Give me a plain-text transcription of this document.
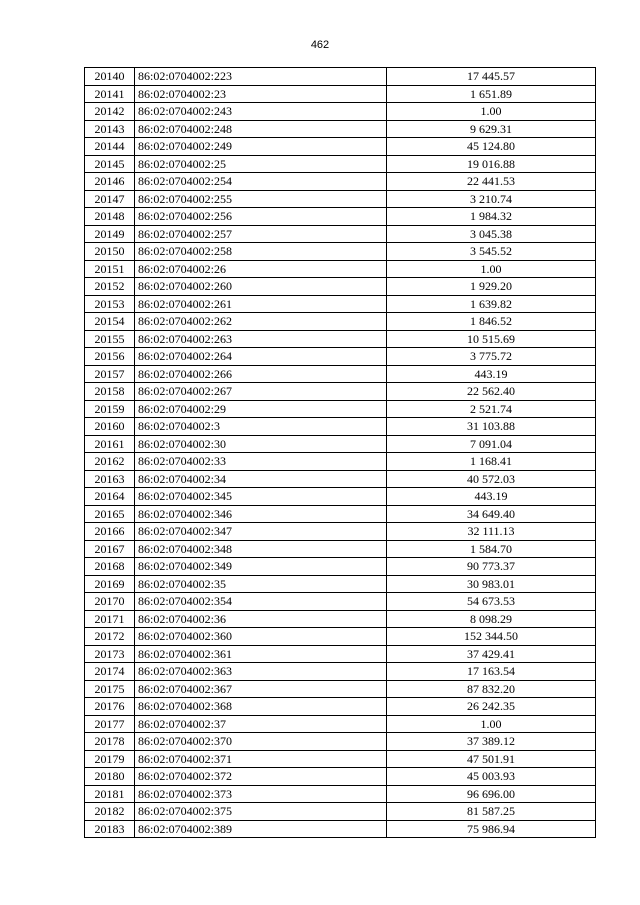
462
20140	86:02:0704002:223	17 445.57
20141	86:02:0704002:23	1 651.89
20142	86:02:0704002:243	1.00
20143	86:02:0704002:248	9 629.31
20144	86:02:0704002:249	45 124.80
20145	86:02:0704002:25	19 016.88
20146	86:02:0704002:254	22 441.53
20147	86:02:0704002:255	3 210.74
20148	86:02:0704002:256	1 984.32
20149	86:02:0704002:257	3 045.38
20150	86:02:0704002:258	3 545.52
20151	86:02:0704002:26	1.00
20152	86:02:0704002:260	1 929.20
20153	86:02:0704002:261	1 639.82
20154	86:02:0704002:262	1 846.52
20155	86:02:0704002:263	10 515.69
20156	86:02:0704002:264	3 775.72
20157	86:02:0704002:266	443.19
20158	86:02:0704002:267	22 562.40
20159	86:02:0704002:29	2 521.74
20160	86:02:0704002:3	31 103.88
20161	86:02:0704002:30	7 091.04
20162	86:02:0704002:33	1 168.41
20163	86:02:0704002:34	40 572.03
20164	86:02:0704002:345	443.19
20165	86:02:0704002:346	34 649.40
20166	86:02:0704002:347	32 111.13
20167	86:02:0704002:348	1 584.70
20168	86:02:0704002:349	90 773.37
20169	86:02:0704002:35	30 983.01
20170	86:02:0704002:354	54 673.53
20171	86:02:0704002:36	8 098.29
20172	86:02:0704002:360	152 344.50
20173	86:02:0704002:361	37 429.41
20174	86:02:0704002:363	17 163.54
20175	86:02:0704002:367	87 832.20
20176	86:02:0704002:368	26 242.35
20177	86:02:0704002:37	1.00
20178	86:02:0704002:370	37 389.12
20179	86:02:0704002:371	47 501.91
20180	86:02:0704002:372	45 003.93
20181	86:02:0704002:373	96 696.00
20182	86:02:0704002:375	81 587.25
20183	86:02:0704002:389	75 986.94
